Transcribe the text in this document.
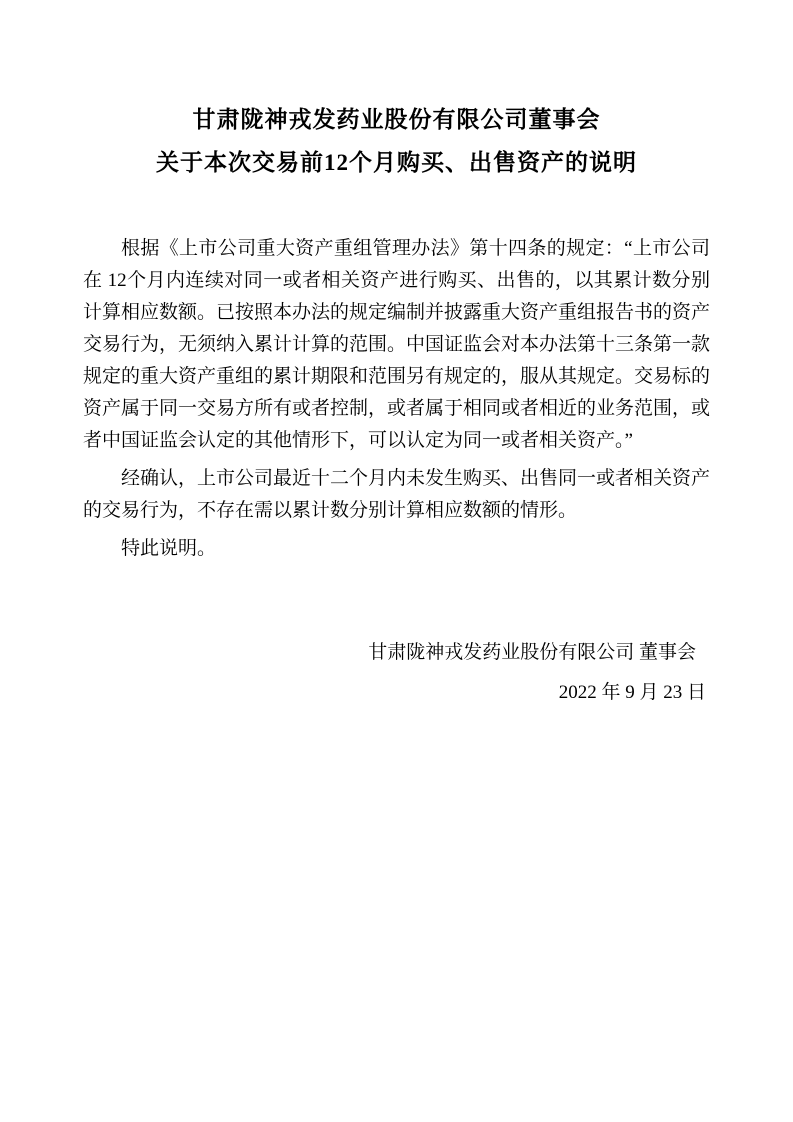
甘肃陇神戎发药业股份有限公司董事会
关于本次交易前12个月购买、出售资产的说明

根据《上市公司重大资产重组管理办法》第十四条的规定：“上市公司在 12个月内连续对同一或者相关资产进行购买、出售的，以其累计数分别计算相应数额。已按照本办法的规定编制并披露重大资产重组报告书的资产交易行为，无须纳入累计计算的范围。中国证监会对本办法第十三条第一款规定的重大资产重组的累计期限和范围另有规定的，服从其规定。交易标的资产属于同一交易方所有或者控制，或者属于相同或者相近的业务范围，或者中国证监会认定的其他情形下，可以认定为同一或者相关资产。”

经确认，上市公司最近十二个月内未发生购买、出售同一或者相关资产的交易行为，不存在需以累计数分别计算相应数额的情形。

特此说明。

甘肃陇神戎发药业股份有限公司 董事会
2022 年 9 月 23 日
